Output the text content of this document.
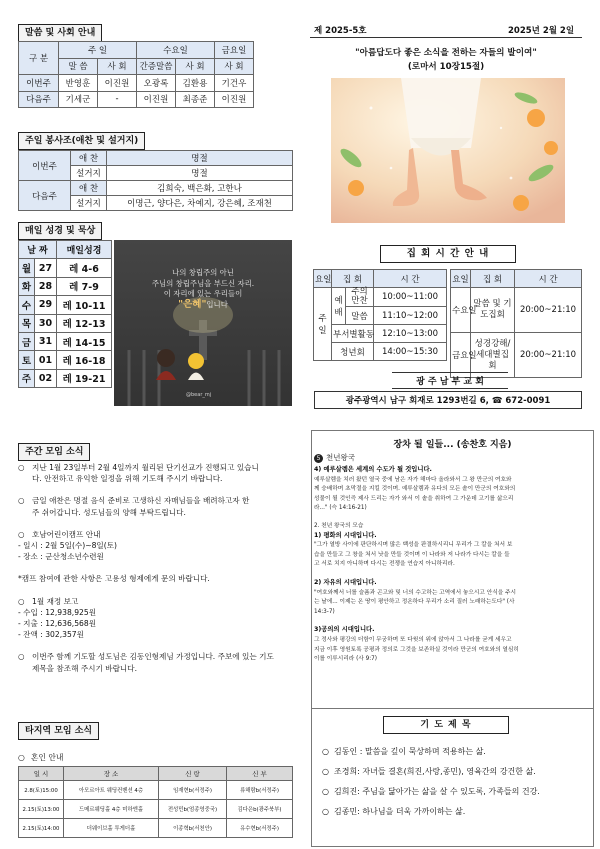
말씀 및 사회 안내
구 분	주 일		수요일		금요일
	말 씀	사 회	간증말씀	사 회	사 회
이번주	반영훈	이진원	오광록	김환용	기건우
다음주	기세군	-	이진원	최종준	이진원
주일 봉사조(애찬 및 설거지)
이번주	애 찬	명절
	설거지	명절
다음주	애 찬	김희숙, 백은화, 고한나
	설거지	이명근, 양다은, 차예지, 강은혜, 조재천
매일 성경 및 묵상
날 짜		매일성경
월	27	레 4-6
화	28	레 7-9
수	29	레 10-11
목	30	레 12-13
금	31	레 14-15
토	01	레 16-18
주	02	레 19-21
나의 창립주의 아닌
주님의 창립주님을 부드신 자리.
이 자리에 있는 우리들이
"은혜"입니다
@bear_mj
제 2025-5호	2025년 2월 2일
"아름답도다 좋은 소식을 전하는 자들의 발이여"
(로마서 10장15절)
집 회 시 간 안 내
요일	집 회		시 간
주일	예배	주의 만찬	10:00~11:00
		말씀	11:10~12:00
	부서별활동		12:10~13:00
	청년회		14:00~15:30
요일	집 회	시 간
수요일	말씀 및 기도집회	20:00~21:10
금요일	성경강해/ 세대별집회	20:00~21:10
광 주 남 부 교 회
광주광역시 남구 회재로 1293번길 6, ☎ 672-0091
주간 모임 소식
○ 지난 1월 23일부터 2월 4일까지 월리된 단기선교가 진행되고 있습니
다. 안전하고 유익한 일정을 위해 기도해 주시기 바랍니다.
○ 금일 애찬은 명절 음식 준비로 고생하신 자매님들을 배려하고자 한
주 쉬어갑니다. 성도님들의 양해 부탁드립니다.
○ 호남어린이캠프 안내
- 일시 : 2월 5일(수)~8일(토)
- 장소 : 군산청소년수련원
*캠프 참여에 관한 사항은 고용성 형제에게 문의 바랍니다.
○ 1월 재정 보고
- 수입 : 12,938,925원
- 지출 : 12,636,568원
- 잔액 : 302,357원
○ 이번주 함께 기도할 성도님은 김동인형제님 가정입니다. 주보에 있는 기도
제목을 참조해 주시기 바랍니다.
타지역 모임 소식
○ 혼인 안내
일 시	장 소	신 랑	신 부
2.8(토)15:00	아모르아트 웨딩컨벤션 4층	임재현b(서정주)	류해람b(서정주)
2.15(토)13:00	드메르웨딩홀 4층 미하엔홀	전성민b(엄종영중국)	김다은b(광주북부)
2.15(토)14:00	더웨이브홀 투게더홀	이종혁b(서천안)	유수현b(서정주)
장차 될 일들... (송찬호 지음)

5 천년왕국

4) 예루살렘은 세계의 수도가 될 것입니다.

예루살렘을 치러 왔던 열국 중에 남은 자가 해마다 올라와서 그 왕 만군의 여호와

께 숭배하며 초막절을 지킬 것이며. 예루살렘과 유다의 모든 솥이 만군의 여호와의

성물이 될 것인즉 제사 드리는 자가 와서 이 솥을 취하여 그 가운데 고기를 삶으리

라..." (슥 14:16-21)

2. 천년 왕국의 모습

1) 평화의 시대입니다.

"그가 열방 사이에 판단하시며 많은 백성을 판결하시리니 무리가 그 칼을 쳐서 보

습을 만들고 그 창을 쳐서 낫을 만들 것이며 이 나라와 저 나라가 다시는 칼을 들

고 서로 치지 아니하며 다시는 전쟁을 연습지 아니하리라.

2) 자유의 시대입니다.

"여호와께서 너를 슬픔과 곤고와 및 너의 수고하는 고역에서 놓으시고 안식을 주시

는 날에... 이제는 온 땅이 평안하고 정온하다 무리가 소리 질러 노래하는도다" (사

14:3-7)

3)공의의 시대입니다.

그 정사와 평강의 더함이 무궁하며 또 다윗의 위에 앉아서 그 나라를 굳게 세우고

지금 이후 영원토록 공평과 정의로 그것을 보존하실 것이라 만군의 여호와의 열심히

이를 이루시리라 (사 9:7)

기 도 제 목
○ 김동인 : 말씀을 깊이 묵상하며 적용하는 삶.
○ 조경희: 자녀들 결혼(희진,사랑,종민), 영육간의 강건한 삶.
○ 김희진: 주님을 닮아가는 삶을 살 수 있도록, 가족들의 건강.
○ 김종민: 하나님을 더욱 가까이하는 삶.
